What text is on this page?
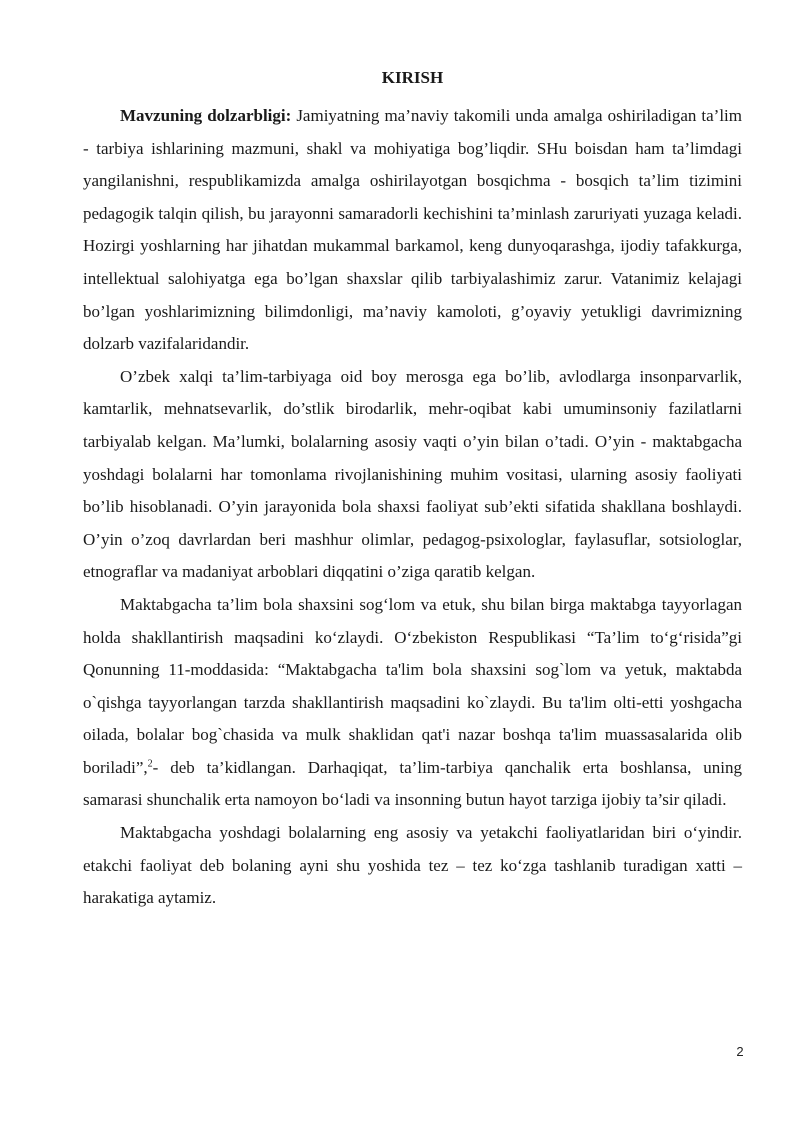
KIRISH

Mavzuning dolzarbligi: Jamiyatning ma’naviy takomili unda amalga oshiriladigan ta’lim - tarbiya ishlarining mazmuni, shakl va mohiyatiga bog’liqdir. SHu boisdan ham ta’limdagi yangilanishni, respublikamizda amalga oshirilayotgan bosqichma - bosqich ta’lim tizimini pedagogik talqin qilish, bu jarayonni samaradorli kechishini ta’minlash zaruriyati yuzaga keladi. Hozirgi yoshlarning har jihatdan mukammal barkamol, keng dunyoqarashga, ijodiy tafakkurga, intellektual salohiyatga ega bo’lgan shaxslar qilib tarbiyalashimiz zarur. Vatanimiz kelajagi bo’lgan yoshlarimizning bilimdonligi, ma’naviy kamoloti, g’oyaviy yetukligi davrimizning dolzarb vazifalaridandir.

O’zbek xalqi ta’lim-tarbiyaga oid boy merosga ega bo’lib, avlodlarga insonparvarlik, kamtarlik, mehnatsevarlik, do’stlik birodarlik, mehr-oqibat kabi umuminsoniy fazilatlarni tarbiyalab kelgan. Ma’lumki, bolalarning asosiy vaqti o’yin bilan o’tadi. O’yin - maktabgacha yoshdagi bolalarni har tomonlama rivojlanishining muhim vositasi, ularning asosiy faoliyati bo’lib hisoblanadi. O’yin jarayonida bola shaxsi faoliyat sub’ekti sifatida shakllana boshlaydi. O’yin o’zoq davrlardan beri mashhur olimlar, pedagog-psixologlar, faylasuflar, sotsiologlar, etnograflar va madaniyat arboblari diqqatini o’ziga qaratib kelgan.

Maktabgacha ta’lim bola shaxsini sog‘lom va etuk, shu bilan birga maktabga tayyorlagan holda shakllantirish maqsadini ko‘zlaydi. O‘zbekiston Respublikasi “Ta’lim to‘g‘risida”gi Qonunning 11-moddasida: “Maktabgacha ta'lim bola shaxsini sog`lom va yetuk, maktabda o`qishga tayyorlangan tarzda shakllantirish maqsadini ko`zlaydi. Bu ta'lim olti-etti yoshgacha oilada, bolalar bog`chasida va mulk shaklidan qat'i nazar boshqa ta'lim muassasalarida olib boriladi”,$^2$- deb ta’kidlangan. Darhaqiqat, ta’lim-tarbiya qanchalik erta boshlansa, uning samarasi shunchalik erta namoyon bo‘ladi va insonning butun hayot tarziga ijobiy ta’sir qiladi.

Maktabgacha yoshdagi bolalarning eng asosiy va yetakchi faoliyatlaridan biri o‘yindir. etakchi faoliyat deb bolaning ayni shu yoshida tez – tez ko‘zga tashlanib turadigan xatti – harakatiga aytamiz.

2
